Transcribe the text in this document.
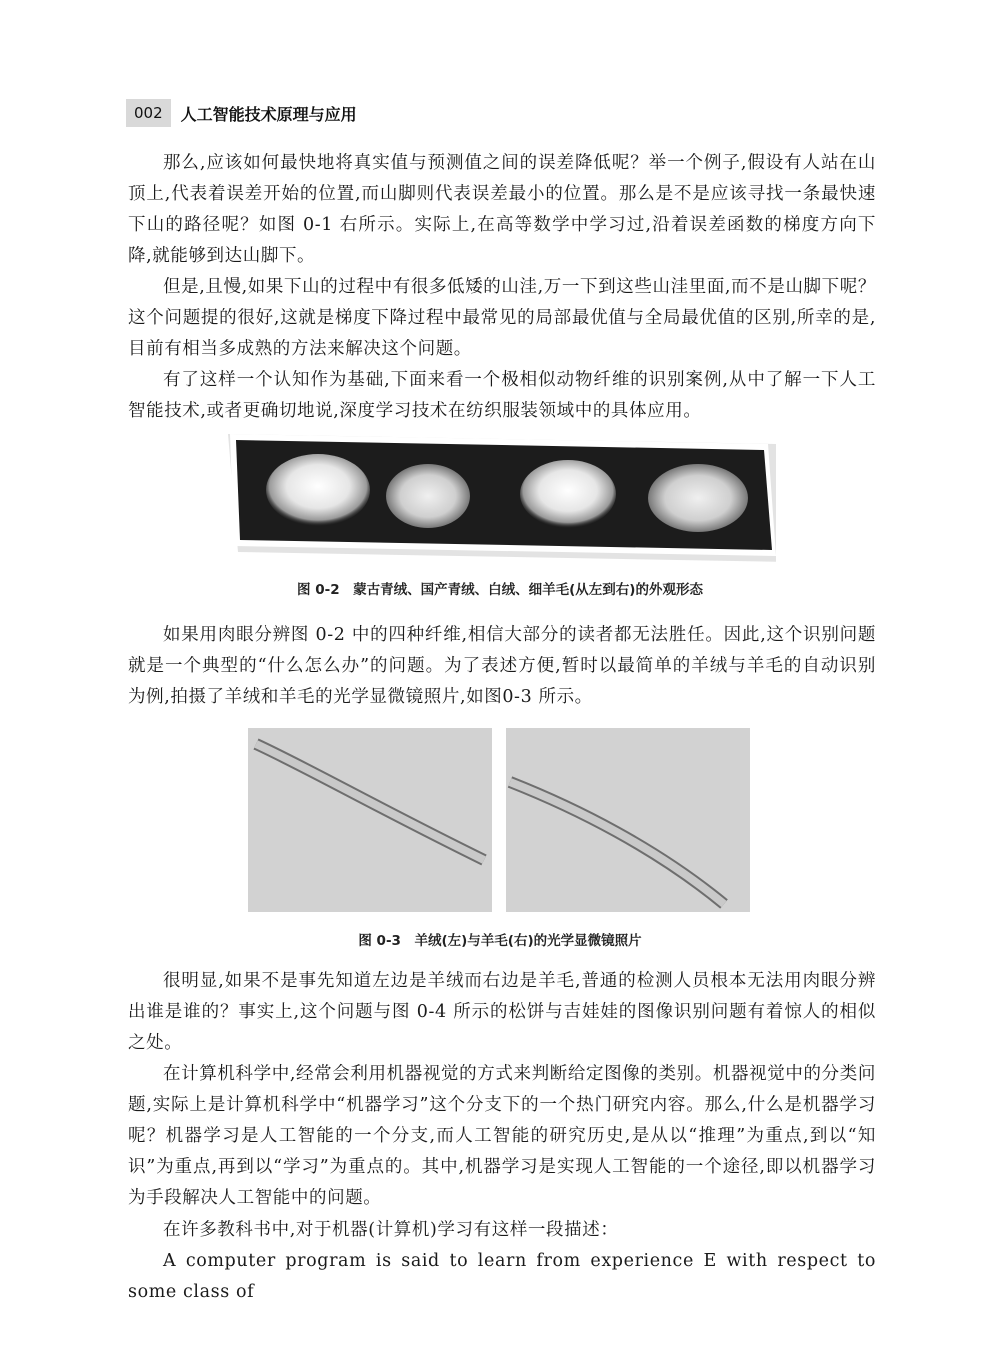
002	人工智能技术原理与应用

那么,应该如何最快地将真实值与预测值之间的误差降低呢？举一个例子,假设有人站在山顶上,代表着误差开始的位置,而山脚则代表误差最小的位置。那么是不是应该寻找一条最快速下山的路径呢？如图 0-1 右所示。实际上,在高等数学中学习过,沿着误差函数的梯度方向下降,就能够到达山脚下。

但是,且慢,如果下山的过程中有很多低矮的山洼,万一下到这些山洼里面,而不是山脚下呢？这个问题提的很好,这就是梯度下降过程中最常见的局部最优值与全局最优值的区别,所幸的是,目前有相当多成熟的方法来解决这个问题。

有了这样一个认知作为基础,下面来看一个极相似动物纤维的识别案例,从中了解一下人工智能技术,或者更确切地说,深度学习技术在纺织服装领域中的具体应用。

图 0-2　蒙古青绒、国产青绒、白绒、细羊毛(从左到右)的外观形态

如果用肉眼分辨图 0-2 中的四种纤维,相信大部分的读者都无法胜任。因此,这个识别问题就是一个典型的“什么怎么办”的问题。为了表述方便,暂时以最简单的羊绒与羊毛的自动识别为例,拍摄了羊绒和羊毛的光学显微镜照片,如图0-3 所示。

图 0-3　羊绒(左)与羊毛(右)的光学显微镜照片

很明显,如果不是事先知道左边是羊绒而右边是羊毛,普通的检测人员根本无法用肉眼分辨出谁是谁的？事实上,这个问题与图 0-4 所示的松饼与吉娃娃的图像识别问题有着惊人的相似之处。

在计算机科学中,经常会利用机器视觉的方式来判断给定图像的类别。机器视觉中的分类问题,实际上是计算机科学中“机器学习”这个分支下的一个热门研究内容。那么,什么是机器学习呢？机器学习是人工智能的一个分支,而人工智能的研究历史,是从以“推理”为重点,到以“知识”为重点,再到以“学习”为重点的。其中,机器学习是实现人工智能的一个途径,即以机器学习为手段解决人工智能中的问题。

在许多教科书中,对于机器(计算机)学习有这样一段描述：

A computer program is said to learn from experience E with respect to some class of
